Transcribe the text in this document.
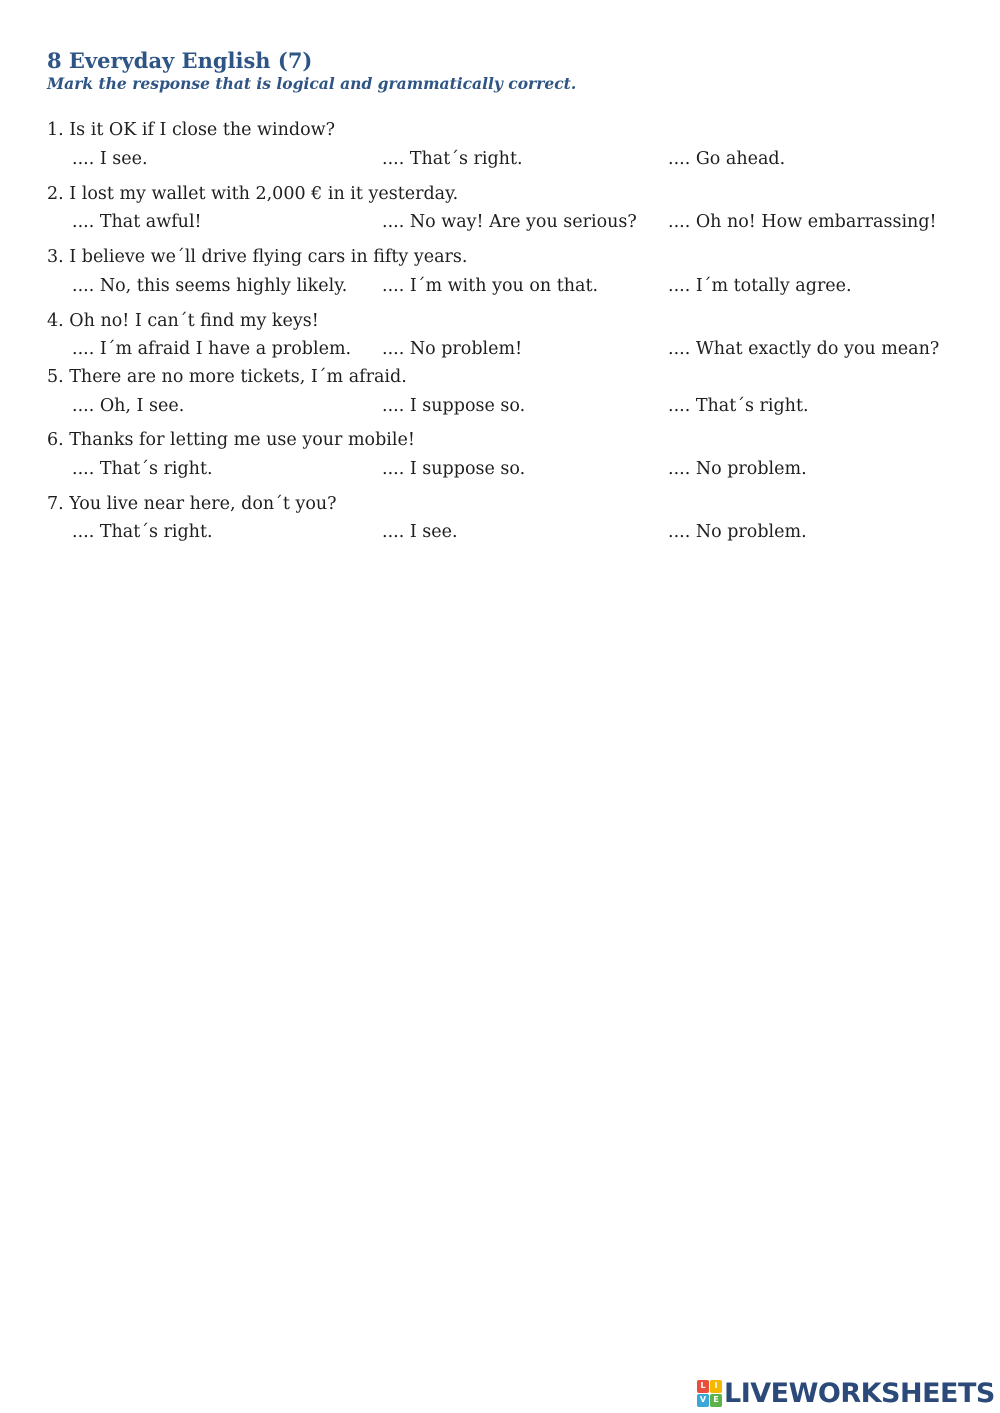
8 Everyday English (7)
Mark the response that is logical and grammatically correct.
1. Is it OK if I close the window?
.... I see.	.... That´s right.	.... Go ahead.
2. I lost my wallet with 2,000 € in it yesterday.
.... That awful!	.... No way! Are you serious? .... Oh no! How embarrassing!
3. I believe we´ll drive flying cars in fifty years.
.... No, this seems highly likely. .... I´m with you on that.	.... I´m totally agree.
4. Oh no! I can´t find my keys!
.... I´m afraid I have a problem. .... No problem!	.... What exactly do you mean?
5. There are no more tickets, I´m afraid.
.... Oh, I see.	.... I suppose so.	.... That´s right.
6. Thanks for letting me use your mobile!
.... That´s right.	.... I suppose so.	.... No problem.
7. You live near here, don´t you?
.... That´s right.	.... I see.	.... No problem.
L	I
V E LIVEWORKSHEETS
